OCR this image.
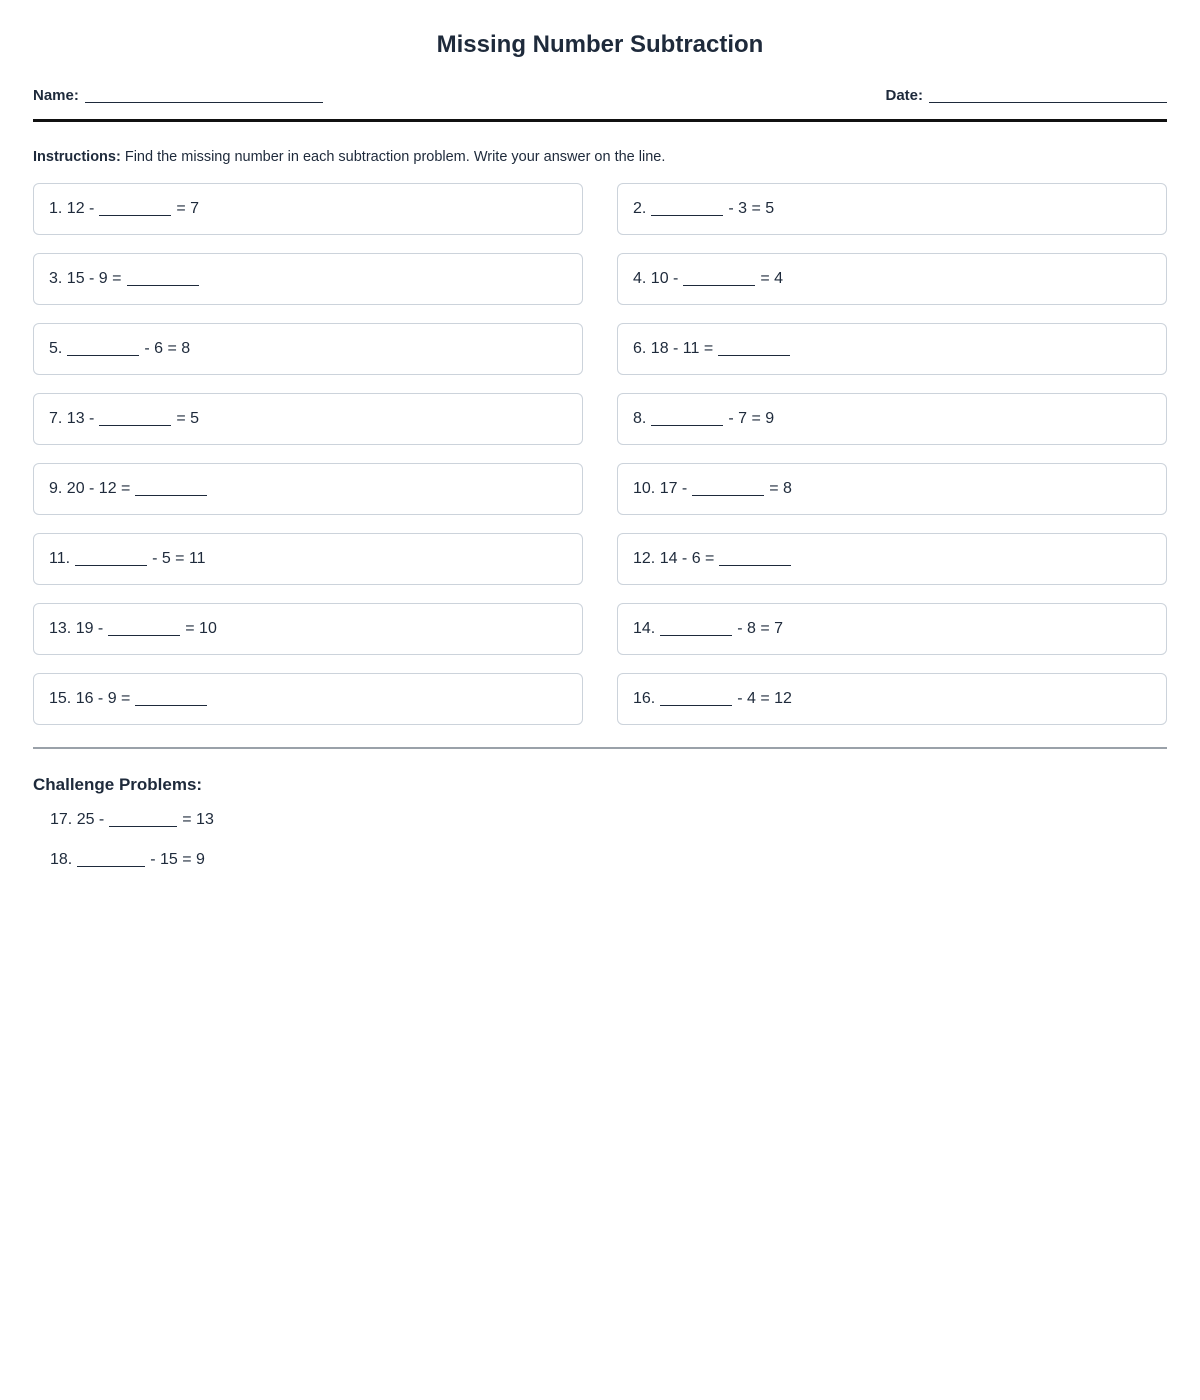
Missing Number Subtraction
Name:	Date:

Instructions: Find the missing number in each subtraction problem. Write your answer on the line.

1. 12 -	= 7	2.	- 3 = 5
3. 15 - 9 =	4. 10 -	= 4
5.	- 6 = 8	6. 18 - 11 =
7. 13 -	= 5	8.	- 7 = 9
9. 20 - 12 =	10. 17 -	= 8
11.	- 5 = 11	12. 14 - 6 =
13. 19 -	= 10	14.	- 8 = 7
15. 16 - 9 =	16.	- 4 = 12
Challenge Problems:
17. 25 -	= 13
18.	- 15 = 9
